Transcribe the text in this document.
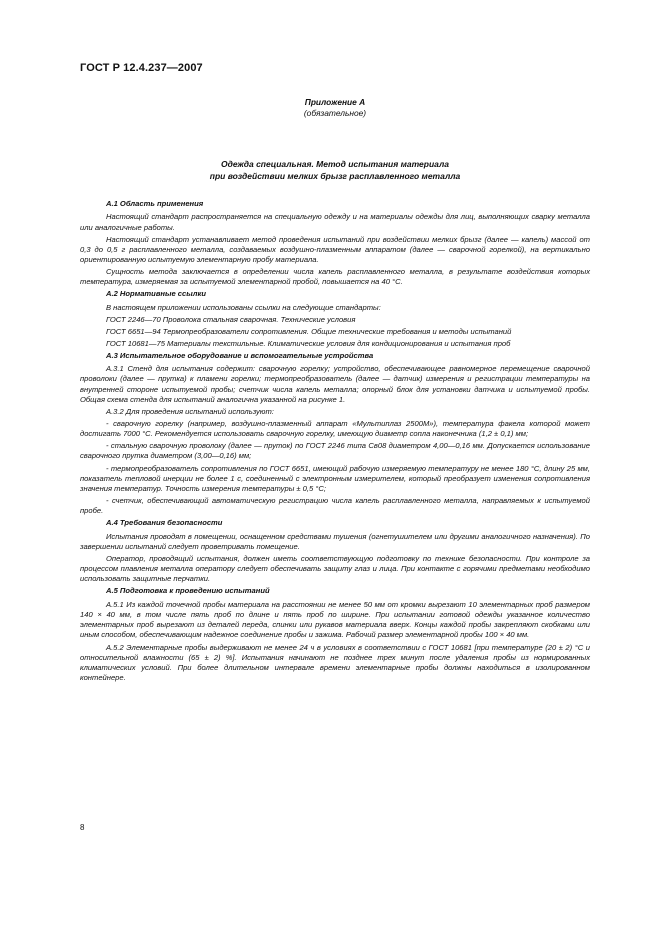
ГОСТ Р 12.4.237—2007
Приложение А
(обязательное)
Одежда специальная. Метод испытания материала
при воздействии мелких брызг расплавленного металла

А.1 Область применения

Настоящий стандарт распространяется на специальную одежду и на материалы одежды для лиц, выполняющих сварку металла или аналогичные работы.

Настоящий стандарт устанавливает метод проведения испытаний при воздействии мелких брызг (далее — капель) массой от 0,3 до 0,5 г расплавленного металла, создаваемых воздушно-плазменным аппаратом (далее — сварочной горелкой), на вертикально ориентированную испытуемую элементарную пробу материала.

Сущность метода заключается в определении числа капель расплавленного металла, в результате воздействия которых температура, измеряемая за испытуемой элементарной пробой, повышается на 40 °С.

А.2 Нормативные ссылки

В настоящем приложении использованы ссылки на следующие стандарты:

ГОСТ 2246—70 Проволока стальная сварочная. Технические условия

ГОСТ 6651—94 Термопреобразователи сопротивления. Общие технические требования и методы испытаний

ГОСТ 10681—75 Материалы текстильные. Климатические условия для кондиционирования и испытания проб

А.3 Испытательное оборудование и вспомогательные устройства

А.3.1 Стенд для испытания содержит: сварочную горелку; устройство, обеспечивающее равномерное перемещение сварочной проволоки (далее — прутка) к пламени горелки; термопреобразователь (далее — датчик) измерения и регистрации температуры на внутренней стороне испытуемой пробы; счетчик числа капель металла; опорный блок для установки датчика и испытуемой пробы. Общая схема стенда для испытаний аналогична указанной на рисунке 1.

А.3.2 Для проведения испытаний используют:

- сварочную горелку (например, воздушно-плазменный аппарат «Мультиплаз 2500М»), температура факела которой может достигать 7000 °С. Рекомендуется использовать сварочную горелку, имеющую диаметр сопла наконечника (1,2 ± 0,1) мм;

- стальную сварочную проволоку (далее — пруток) по ГОСТ 2246 типа Св08 диаметром 4,00—0,16 мм. Допускается использование сварочного прутка диаметром (3,00—0,16) мм;

- термопреобразователь сопротивления по ГОСТ 6651, имеющий рабочую измеряемую температуру не менее 180 °С, длину 25 мм, показатель тепловой инерции не более 1 с, соединенный с электронным измерителем, который преобразует изменения сопротивления значения температур. Точность измерения температуры ± 0,5 °С;

- счетчик, обеспечивающий автоматическую регистрацию числа капель расплавленного металла, направляемых к испытуемой пробе.

А.4 Требования безопасности

Испытания проводят в помещении, оснащенном средствами тушения (огнетушителем или другими аналогичного назначения). По завершении испытаний следует проветривать помещение.

Оператор, проводящий испытания, должен иметь соответствующую подготовку по технике безопасности. При контроле за процессом плавления металла оператору следует обеспечивать защиту глаз и лица. При контакте с горячими предметами необходимо использовать защитные перчатки.

А.5 Подготовка к проведению испытаний

А.5.1 Из каждой точечной пробы материала на расстоянии не менее 50 мм от кромки вырезают 10 элементарных проб размером 140 × 40 мм, в том числе пять проб по длине и пять проб по ширине. При испытании готовой одежды указанное количество элементарных проб вырезают из деталей переда, спинки или рукавов материала вверх. Концы каждой пробы закрепляют скобками или иным способом, обеспечивающим надежное соединение пробы и зажима. Рабочий размер элементарной пробы 100 × 40 мм.

А.5.2 Элементарные пробы выдерживают не менее 24 ч в условиях в соответствии с ГОСТ 10681 [при температуре (20 ± 2) °С и относительной влажности (65 ± 2) %]. Испытания начинают не позднее трех минут после удаления пробы из нормированных климатических условий. При более длительном интервале времени элементарные пробы должны находиться в изолированном контейнере.

8
